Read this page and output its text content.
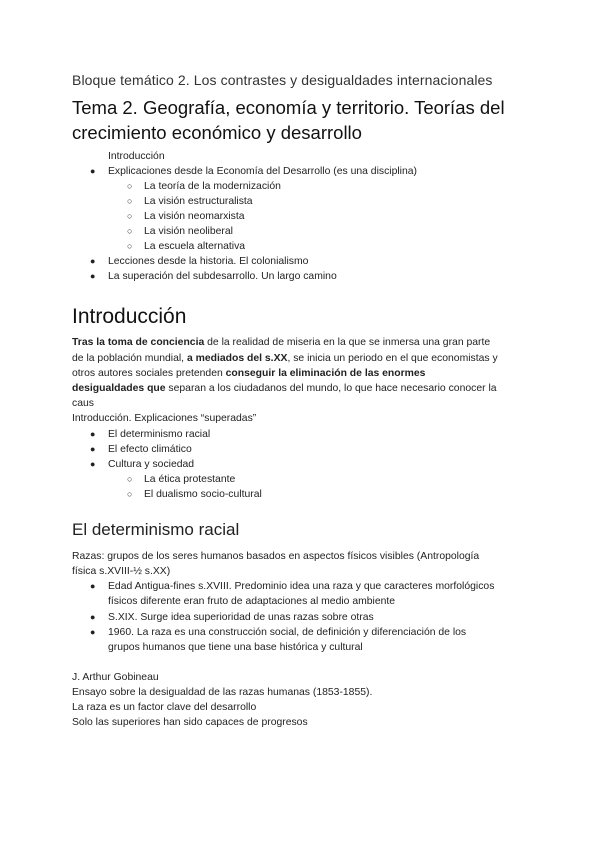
Bloque temático 2. Los contrastes y desigualdades internacionales
Tema 2. Geografía, economía y territorio. Teorías del
crecimiento económico y desarrollo
Introducción
● Explicaciones desde la Economía del Desarrollo (es una disciplina)
○ La teoría de la modernización
○ La visión estructuralista
○ La visión neomarxista
○ La visión neoliberal
○ La escuela alternativa
● Lecciones desde la historia. El colonialismo
● La superación del subdesarrollo. Un largo camino
Introducción
Tras la toma de conciencia de la realidad de miseria en la que se inmersa una gran parte
de la población mundial, a mediados del s.XX, se inicia un periodo en el que economistas y
otros autores sociales pretenden conseguir la eliminación de las enormes
desigualdades que separan a los ciudadanos del mundo, lo que hace necesario conocer la
caus
Introducción. Explicaciones “superadas”
● El determinismo racial
● El efecto climático
● Cultura y sociedad
○ La ética protestante
○ El dualismo socio-cultural
El determinismo racial
Razas: grupos de los seres humanos basados en aspectos físicos visibles (Antropología
física s.XVIII-½ s.XX)
● Edad Antigua-fines s.XVIII. Predominio idea una raza y que caracteres morfológicos
físicos diferente eran fruto de adaptaciones al medio ambiente
● S.XIX. Surge idea superioridad de unas razas sobre otras
● 1960. La raza es una construcción social, de definición y diferenciación de los
grupos humanos que tiene una base histórica y cultural
J. Arthur Gobineau
Ensayo sobre la desigualdad de las razas humanas (1853-1855).
La raza es un factor clave del desarrollo
Solo las superiores han sido capaces de progresos
